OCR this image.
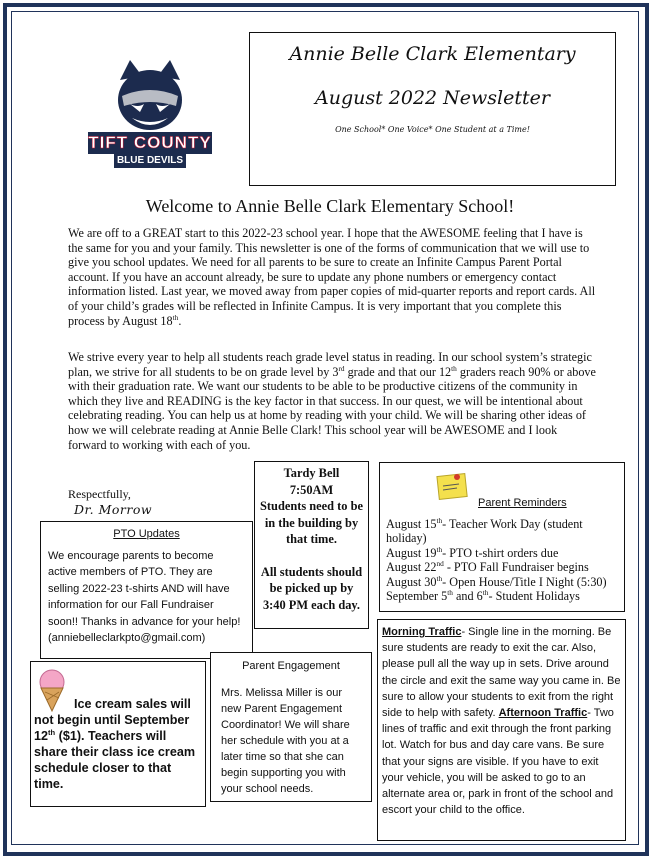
TIFT COUNTY
BLUE DEVILS
Annie Belle Clark Elementary
August 2022 Newsletter
One School* One Voice* One Student at a Time!
Welcome to Annie Belle Clark Elementary School!
We are off to a GREAT start to this 2022-23 school year. I hope that the AWESOME feeling that I have is the same for you and your family. This newsletter is one of the forms of communication that we will use to give you school updates. We need for all parents to be sure to create an Infinite Campus Parent Portal account. If you have an account already, be sure to update any phone numbers or emergency contact information listed. Last year, we moved away from paper copies of mid-quarter reports and report cards. All of your child’s grades will be reflected in Infinite Campus. It is very important that you complete this process by August 18th.
We strive every year to help all students reach grade level status in reading. In our school system’s strategic plan, we strive for all students to be on grade level by 3rd grade and that our 12th graders reach 90% or above with their graduation rate. We want our students to be able to be productive citizens of the community in which they live and READING is the key factor in that success. In our quest, we will be intentional about celebrating reading. You can help us at home by reading with your child. We will be sharing other ideas of how we will celebrate reading at Annie Belle Clark! This school year will be AWESOME and I look forward to working with each of you.
Respectfully,
Dr. Morrow
Tardy Bell
7:50AM
Students need to be in the building by that time.
All students should be picked up by 3:40 PM each day.
Parent Reminders
August 15th- Teacher Work Day (student holiday)
August 19th- PTO t-shirt orders due
August 22nd - PTO Fall Fundraiser begins
August 30th- Open House/Title I Night (5:30)
September 5th and 6th- Student Holidays
PTO Updates
We encourage parents to become active members of PTO. They are selling 2022-23 t-shirts AND will have information for our Fall Fundraiser soon!! Thanks in advance for your help! (anniebelleclarkpto@gmail.com)
Ice cream sales will not begin until September 12th ($1). Teachers will share their class ice cream schedule closer to that time.
Parent Engagement
Mrs. Melissa Miller is our new Parent Engagement Coordinator! We will share her schedule with you at a later time so that she can begin supporting you with your school needs.
Morning Traffic- Single line in the morning. Be sure students are ready to exit the car. Also, please pull all the way up in sets. Drive around the circle and exit the same way you came in. Be sure to allow your students to exit from the right side to help with safety. Afternoon Traffic- Two lines of traffic and exit through the front parking lot. Watch for bus and day care vans. Be sure that your signs are visible. If you have to exit your vehicle, you will be asked to go to an alternate area or, park in front of the school and escort your child to the office.
